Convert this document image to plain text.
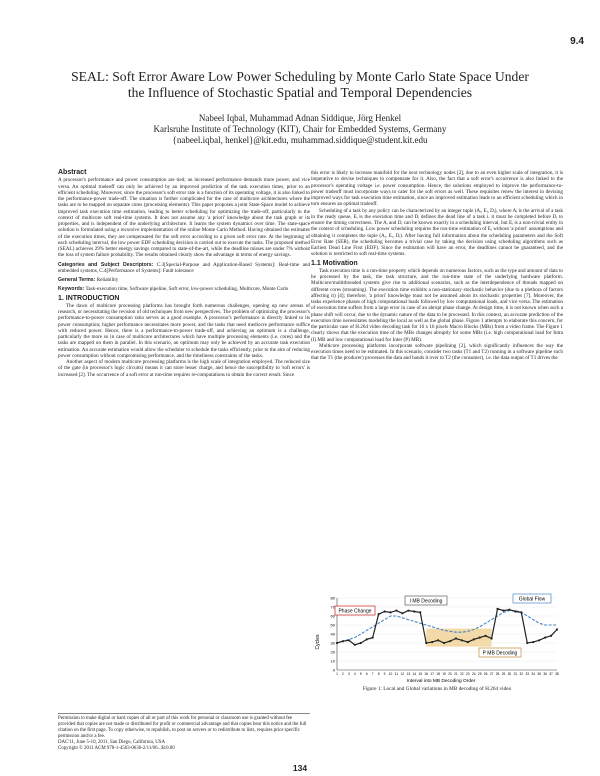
9.4
SEAL: Soft Error Aware Low Power Scheduling by Monte Carlo State Space Under
the Influence of Stochastic Spatial and Temporal Dependencies
Nabeel Iqbal, Muhammad Adnan Siddique, Jörg Henkel
Karlsruhe Institute of Technology (KIT), Chair for Embedded Systems, Germany
{nabeel.iqbal, henkel}@kit.edu, muhammad.siddique@student.kit.edu
Abstract

A processor's performance and power consumption are tied; an increased performance demands more power, and vice versa. An optimal tradeoff can only be achieved by an improved prediction of the task execution times, prior to an efficient scheduling. Moreover, since the processor's soft error rate is a function of its operating voltage, it is also linked to the performance-power trade-off. The situation is further complicated for the case of multicore architectures where the tasks are to be mapped on separate cores (processing elements). This paper proposes a joint State-Space model to achieve improved task execution time estimation, leading to better scheduling for optimizing the trade-off, particularly in the context of multicore soft real-time systems. It does not assume any 'a priori' knowledge about the task graph or its properties, and is independent of the underlying architecture. It learns the system dynamics over time. The state-space solution is formulated using a recursive implementation of the online Monte Carlo Method. Having obtained the estimates of the execution times, they are compensated for the soft error according to a given soft error rate. At the beginning of each scheduling interval, the low power EDF scheduling decision is carried out to execute the tasks. The proposed method (SEAL) achieves 29% better energy savings compared to state-of-the-art, while the deadline misses are under 7% without the loss of system failure probability. The results obtained clearly show the advantage in terms of energy savings.

Categories and Subject Descriptors: C.3[Special-Purpose and Application-Based Systems]: Real-time and embedded systems, C.4[Performance of Systems]: Fault tolerance

General Terms: Reliability

Keywords: Task-execution time, Software pipeline, Soft error, low-power scheduling, Multicore, Monte Carlo

1. INTRODUCTION

The dawn of multicore processing platforms has brought forth numerous challenges, opening up new arenas of research, or necessitating the revision of old techniques from new perspectives. The problem of optimizing the processor's performance-to-power consumption ratio serves as a good example. A processor's performance is directly linked to its power consumption; higher performance necessitates more power, and the tasks that need mediocre performance suffice with reduced power. Hence, there is a performance-to-power trade-off, and achieving an optimum is a challenge, particularly the more so in case of multicore architectures which have multiple processing elements (i.e. cores) and the tasks are mapped on them in parallel. In this scenario, an optimum may only be achieved by an accurate task execution estimation. An accurate estimation would allow the scheduler to schedule the tasks efficiently, prior to the aim of reducing power consumption without compromising performance, and the timeliness constraints of the tasks.

Another aspect of modern multicore processing platforms is the high scale of integration employed. The reduced size of the gate (in processor's logic circuits) means it can store lesser charge, and hence the susceptibility to 'soft errors' is increased [2]. The occurrence of a soft error at run-time requires re-computations to obtain the correct result. Since

Permission to make digital or hard copies of all or part of this work for personal or classroom use is granted without fee provided that copies are not made or distributed for profit or commercial advantage and that copies bear this notice and the full citation on the first page. To copy otherwise, to republish, to post on servers or to redistribute to lists, requires prior specific permission and/or a fee.
DAC'11, June 5-10, 2011, San Diego, California, USA
Copyright © 2011 ACM 978-1-4503-0636-2/11/06...$10.00

this error is likely to increase manifold for the next technology nodes [2], due to an even higher scale of integration, it is imperative to devise techniques to compensate for it. Also, the fact that a soft error's occurrence is also linked to the processor's operating voltage i.e. power consumption. Hence, the solutions employed to improve the performance-to-power tradeoff must incorporate ways to cater for the soft errors as well. These requisites renew the interest in devising improved ways for task execution time estimation, since an improved estimation leads to an efficient scheduling which in turn ensures an optimal tradeoff.

Scheduling of a task by any policy can be characterized by an integer tuple (Aᵢ, Eᵢ, Dᵢ), where Aᵢ is the arrival of a task in the ready queue, Eᵢ is the execution time and Dᵢ defines the dead line of a task i. it must be completed before Dᵢ to ensure the timing correctness. The Aᵢ and Dᵢ can be known exactly in a scheduling interval, but Eᵢ is a non-trivial entity in the context of scheduling. Low power scheduling requires the run-time estimation of Eᵢ without 'a priori' assumptions and obtaining it completes the tuple (Aᵢ, Eᵢ, Dᵢ). After having full information about the scheduling parameters and the Soft Error Rate (SER), the scheduling becomes a trivial case by taking the decision using scheduling algorithms such as Earliest Dead Line First (EDF). Since the estimation will have an error, the deadlines cannot be guaranteed, and the solution is restricted to soft real-time systems.

1.1 Motivation

Task execution time is a run-time property which depends on numerous factors, such as the type and amount of data to be processed by the task, the task structure, and the run-time state of the underlying hardware platform. Multicore/multithreaded systems give rise to additional scenarios, such as the interdependence of threads mapped on different cores (streaming). The execution time exhibits a non-stationary stochastic behavior (due to a plethora of factors affecting it) [4]; therefore, 'a priori' knowledge must not be assumed about its stochastic properties [7]. Moreover, the tasks experience phases of high computational loads followed by low computational loads, and vice versa. The estimation of execution time suffers from a large error in case of an abrupt phase change. At design time, it is not known when such a phase shift will occur, due to the dynamic nature of the data to be processed. In this context, an accurate prediction of the execution time necessitates modeling the local as well as the global phase. Figure 1 attempts to elaborate this concern, for the particular case of H.264 video decoding task for 16 x 16 pixels Macro Blocks (MBs) from a video frame. The Figure 1 clearly shows that the execution time of the MBs changes abruptly for some MBs (i.e. high computational load for Intra (I) MB and low computational load for Inter (P) MB).

Multicore processing platforms incorporate software pipelining [2], which significantly influences the way the execution times need to be estimated. In this scenario, consider two tasks (T1 and T2) running in a software pipeline such that the T1 (the producer) processes the data and hands it over to T2 (the consumer), i.e. the data output of T1 drives the

0
10
20
30
40
50
60
70
80
1 2 3 4 5 6 7 8 9 10 11 12 13 14 15 16 17 18 19 20 21 22 23 24 25 26 27 28 29 30 31 32 33 34 35 36 37 38
Cycles
Interval into MB Decoding Order
Phase Change
I MB Decoding	Global Flow
P MB Decoding
Figure 1: Local and Global variations in MB decoding of H.264 video
134
